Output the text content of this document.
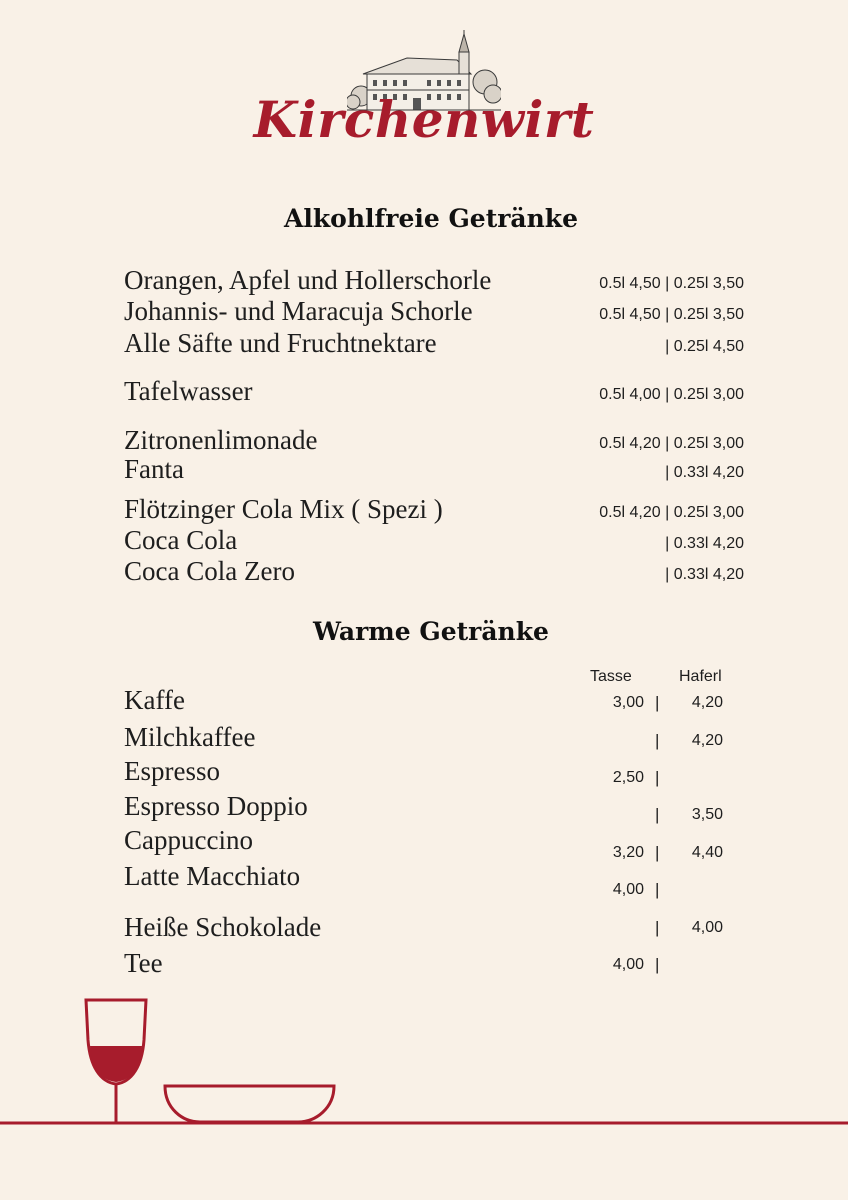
Kirchenwirt
Alkohlfreie Getränke
Orangen, Apfel und Hollerschorle	0.5l 4,50 | 0.25l 3,50
Johannis- und Maracuja Schorle	0.5l 4,50 | 0.25l 3,50
Alle Säfte und Fruchtnektare	| 0.25l 4,50
Tafelwasser	0.5l 4,00 | 0.25l 3,00
Zitronenlimonade	0.5l 4,20 | 0.25l 3,00
Fanta	| 0.33l 4,20
Flötzinger Cola Mix ( Spezi )	0.5l 4,20 | 0.25l 3,00
Coca Cola	| 0.33l 4,20
Coca Cola Zero	| 0.33l 4,20
Warme Getränke
Tasse	Haferl
Kaffe	3,00 |	4,20
Milchkaffee	|	4,20
Espresso	2,50 |
Espresso Doppio	|	3,50
Cappuccino	3,20 |	4,40
Latte Macchiato	4,00 |
Heiße Schokolade	|	4,00
Tee	4,00 |
